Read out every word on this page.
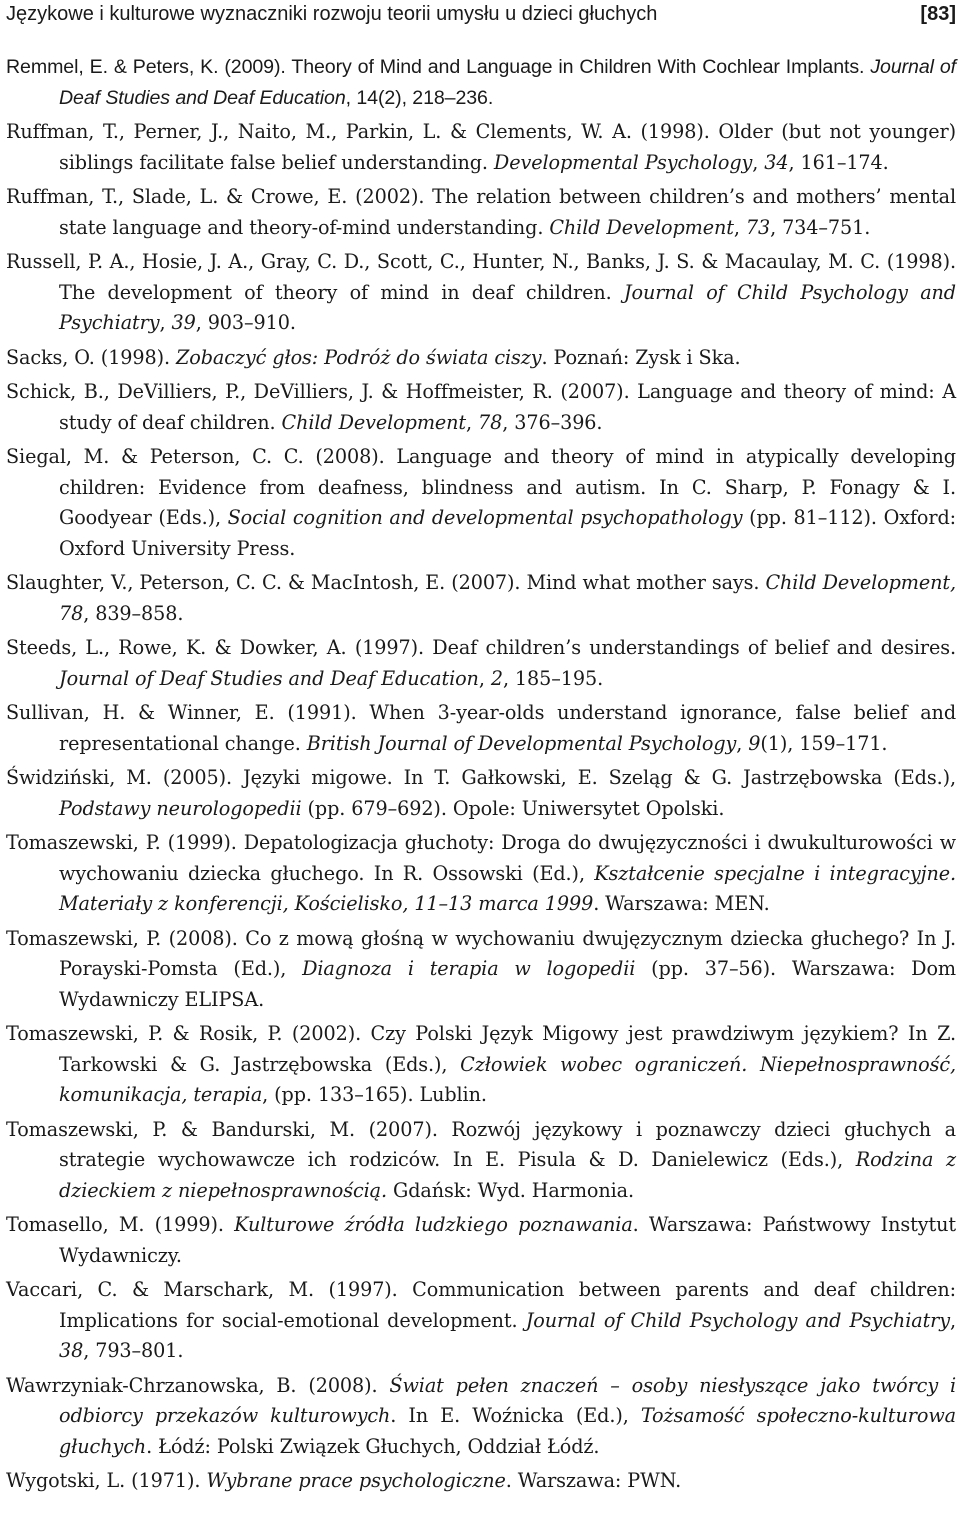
Językowe i kulturowe wyznaczniki rozwoju teorii umysłu u dzieci głuchych	[83]
Remmel, E. & Peters, K. (2009). Theory of Mind and Language in Children With Cochlear Implants. Journal of Deaf Studies and Deaf Education, 14(2), 218–236.
Ruffman, T., Perner, J., Naito, M., Parkin, L. & Clements, W. A. (1998). Older (but not younger) siblings facilitate false belief understanding. Developmental Psychology, 34, 161–174.
Ruffman, T., Slade, L. & Crowe, E. (2002). The relation between children’s and mothers’ mental state language and theory-of-mind understanding. Child Development, 73, 734–751.
Russell, P. A., Hosie, J. A., Gray, C. D., Scott, C., Hunter, N., Banks, J. S. & Macaulay, M. C. (1998). The development of theory of mind in deaf children. Journal of Child Psychology and Psychiatry, 39, 903–910.
Sacks, O. (1998). Zobaczyć głos: Podróż do świata ciszy. Poznań: Zysk i Ska.
Schick, B., DeVilliers, P., DeVilliers, J. & Hoffmeister, R. (2007). Language and theory of mind: A study of deaf children. Child Development, 78, 376–396.
Siegal, M. & Peterson, C. C. (2008). Language and theory of mind in atypically developing children: Evidence from deafness, blindness and autism. In C. Sharp, P. Fonagy & I. Goodyear (Eds.), Social cognition and developmental psychopathology (pp. 81–112). Oxford: Oxford University Press.
Slaughter, V., Peterson, C. C. & MacIntosh, E. (2007). Mind what mother says. Child Development, 78, 839–858.
Steeds, L., Rowe, K. & Dowker, A. (1997). Deaf children’s understandings of belief and desires. Journal of Deaf Studies and Deaf Education, 2, 185–195.
Sullivan, H. & Winner, E. (1991). When 3-year-olds understand ignorance, false belief and representational change. British Journal of Developmental Psychology, 9(1), 159–171.
Świdziński, M. (2005). Języki migowe. In T. Gałkowski, E. Szeląg & G. Jastrzębowska (Eds.), Podstawy neurologopedii (pp. 679–692). Opole: Uniwersytet Opolski.
Tomaszewski, P. (1999). Depatologizacja głuchoty: Droga do dwujęzyczności i dwukulturowości w wychowaniu dziecka głuchego. In R. Ossowski (Ed.), Kształcenie specjalne i integracyjne. Materiały z konferencji, Kościelisko, 11–13 marca 1999. Warszawa: MEN.
Tomaszewski, P. (2008). Co z mową głośną w wychowaniu dwujęzycznym dziecka głuchego? In J. Porayski-Pomsta (Ed.), Diagnoza i terapia w logopedii (pp. 37–56). Warszawa: Dom Wydawniczy ELIPSA.
Tomaszewski, P. & Rosik, P. (2002). Czy Polski Język Migowy jest prawdziwym językiem? In Z. Tarkowski & G. Jastrzębowska (Eds.), Człowiek wobec ograniczeń. Niepełnosprawność, komunikacja, terapia, (pp. 133–165). Lublin.
Tomaszewski, P. & Bandurski, M. (2007). Rozwój językowy i poznawczy dzieci głuchych a strategie wychowawcze ich rodziców. In E. Pisula & D. Danielewicz (Eds.), Rodzina z dzieckiem z niepełnosprawnością. Gdańsk: Wyd. Harmonia.
Tomasello, M. (1999). Kulturowe źródła ludzkiego poznawania. Warszawa: Państwowy Instytut Wydawniczy.
Vaccari, C. & Marschark, M. (1997). Communication between parents and deaf children: Implications for social-emotional development. Journal of Child Psychology and Psychiatry, 38, 793–801.
Wawrzyniak-Chrzanowska, B. (2008). Świat pełen znaczeń – osoby niesłyszące jako twórcy i odbiorcy przekazów kulturowych. In E. Woźnicka (Ed.), Tożsamość społeczno-kulturowa głuchych. Łódź: Polski Związek Głuchych, Oddział Łódź.
Wygotski, L. (1971). Wybrane prace psychologiczne. Warszawa: PWN.
